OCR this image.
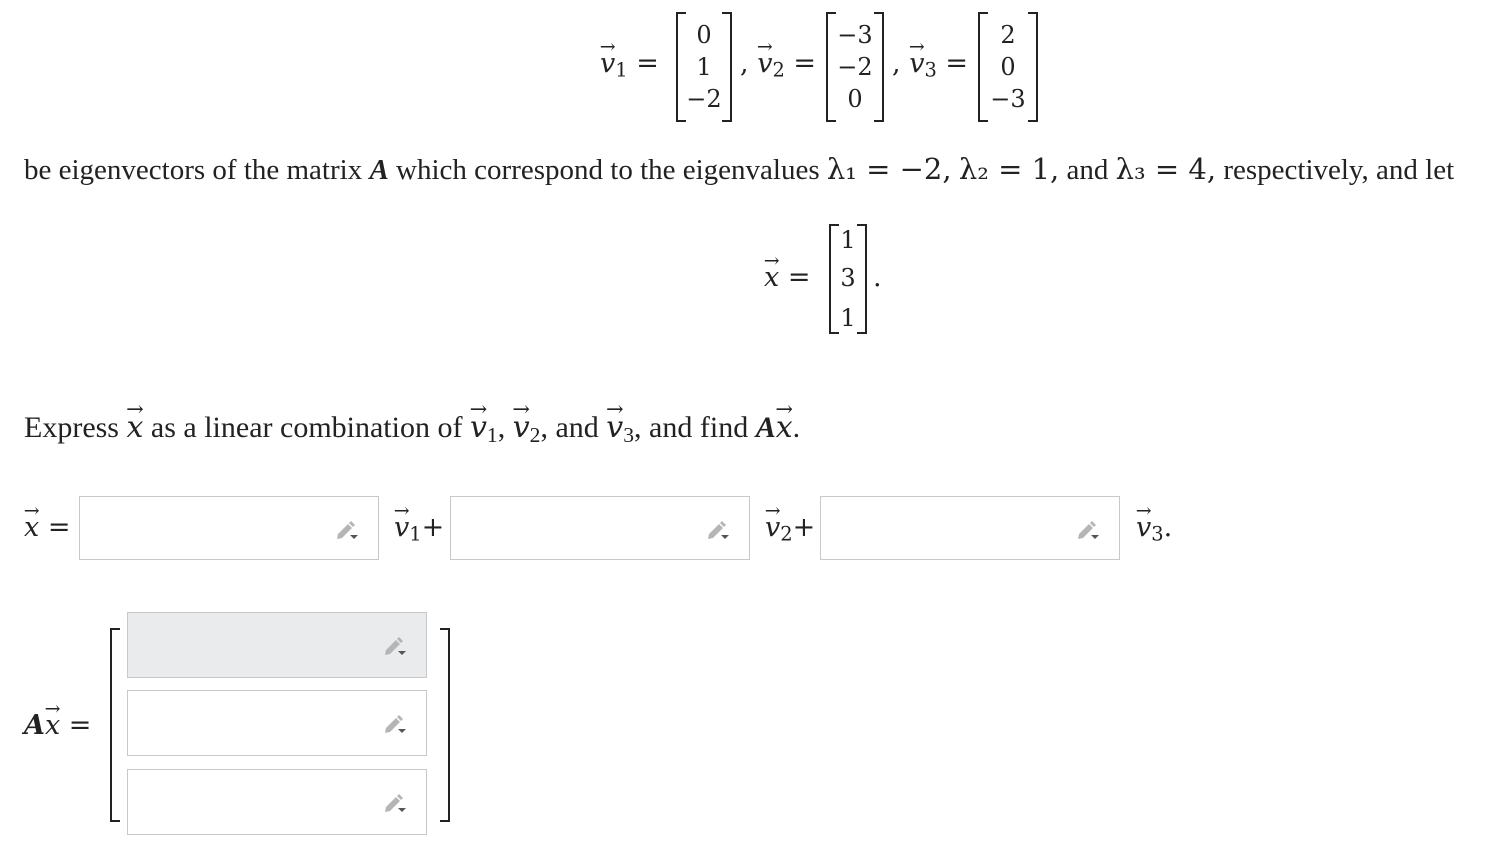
→ $v_1$ =
0
1
−2
, → $v_2$ =
−3
−2
0
, → $v_3$ =
2
0
−3
be eigenvectors of the matrix A which correspond to the eigenvalues λ₁ = −2, λ₂ = 1, and λ₃ = 4, respectively, and let
→ x =
1
3
1
.
Express → x as a linear combination of → $v_1$, → $v_2$, and → $v_3$, and find A→ x.
→ x =	→ $v_1+$	→ $v_2+$	→ $v_3$.
A→ x =
